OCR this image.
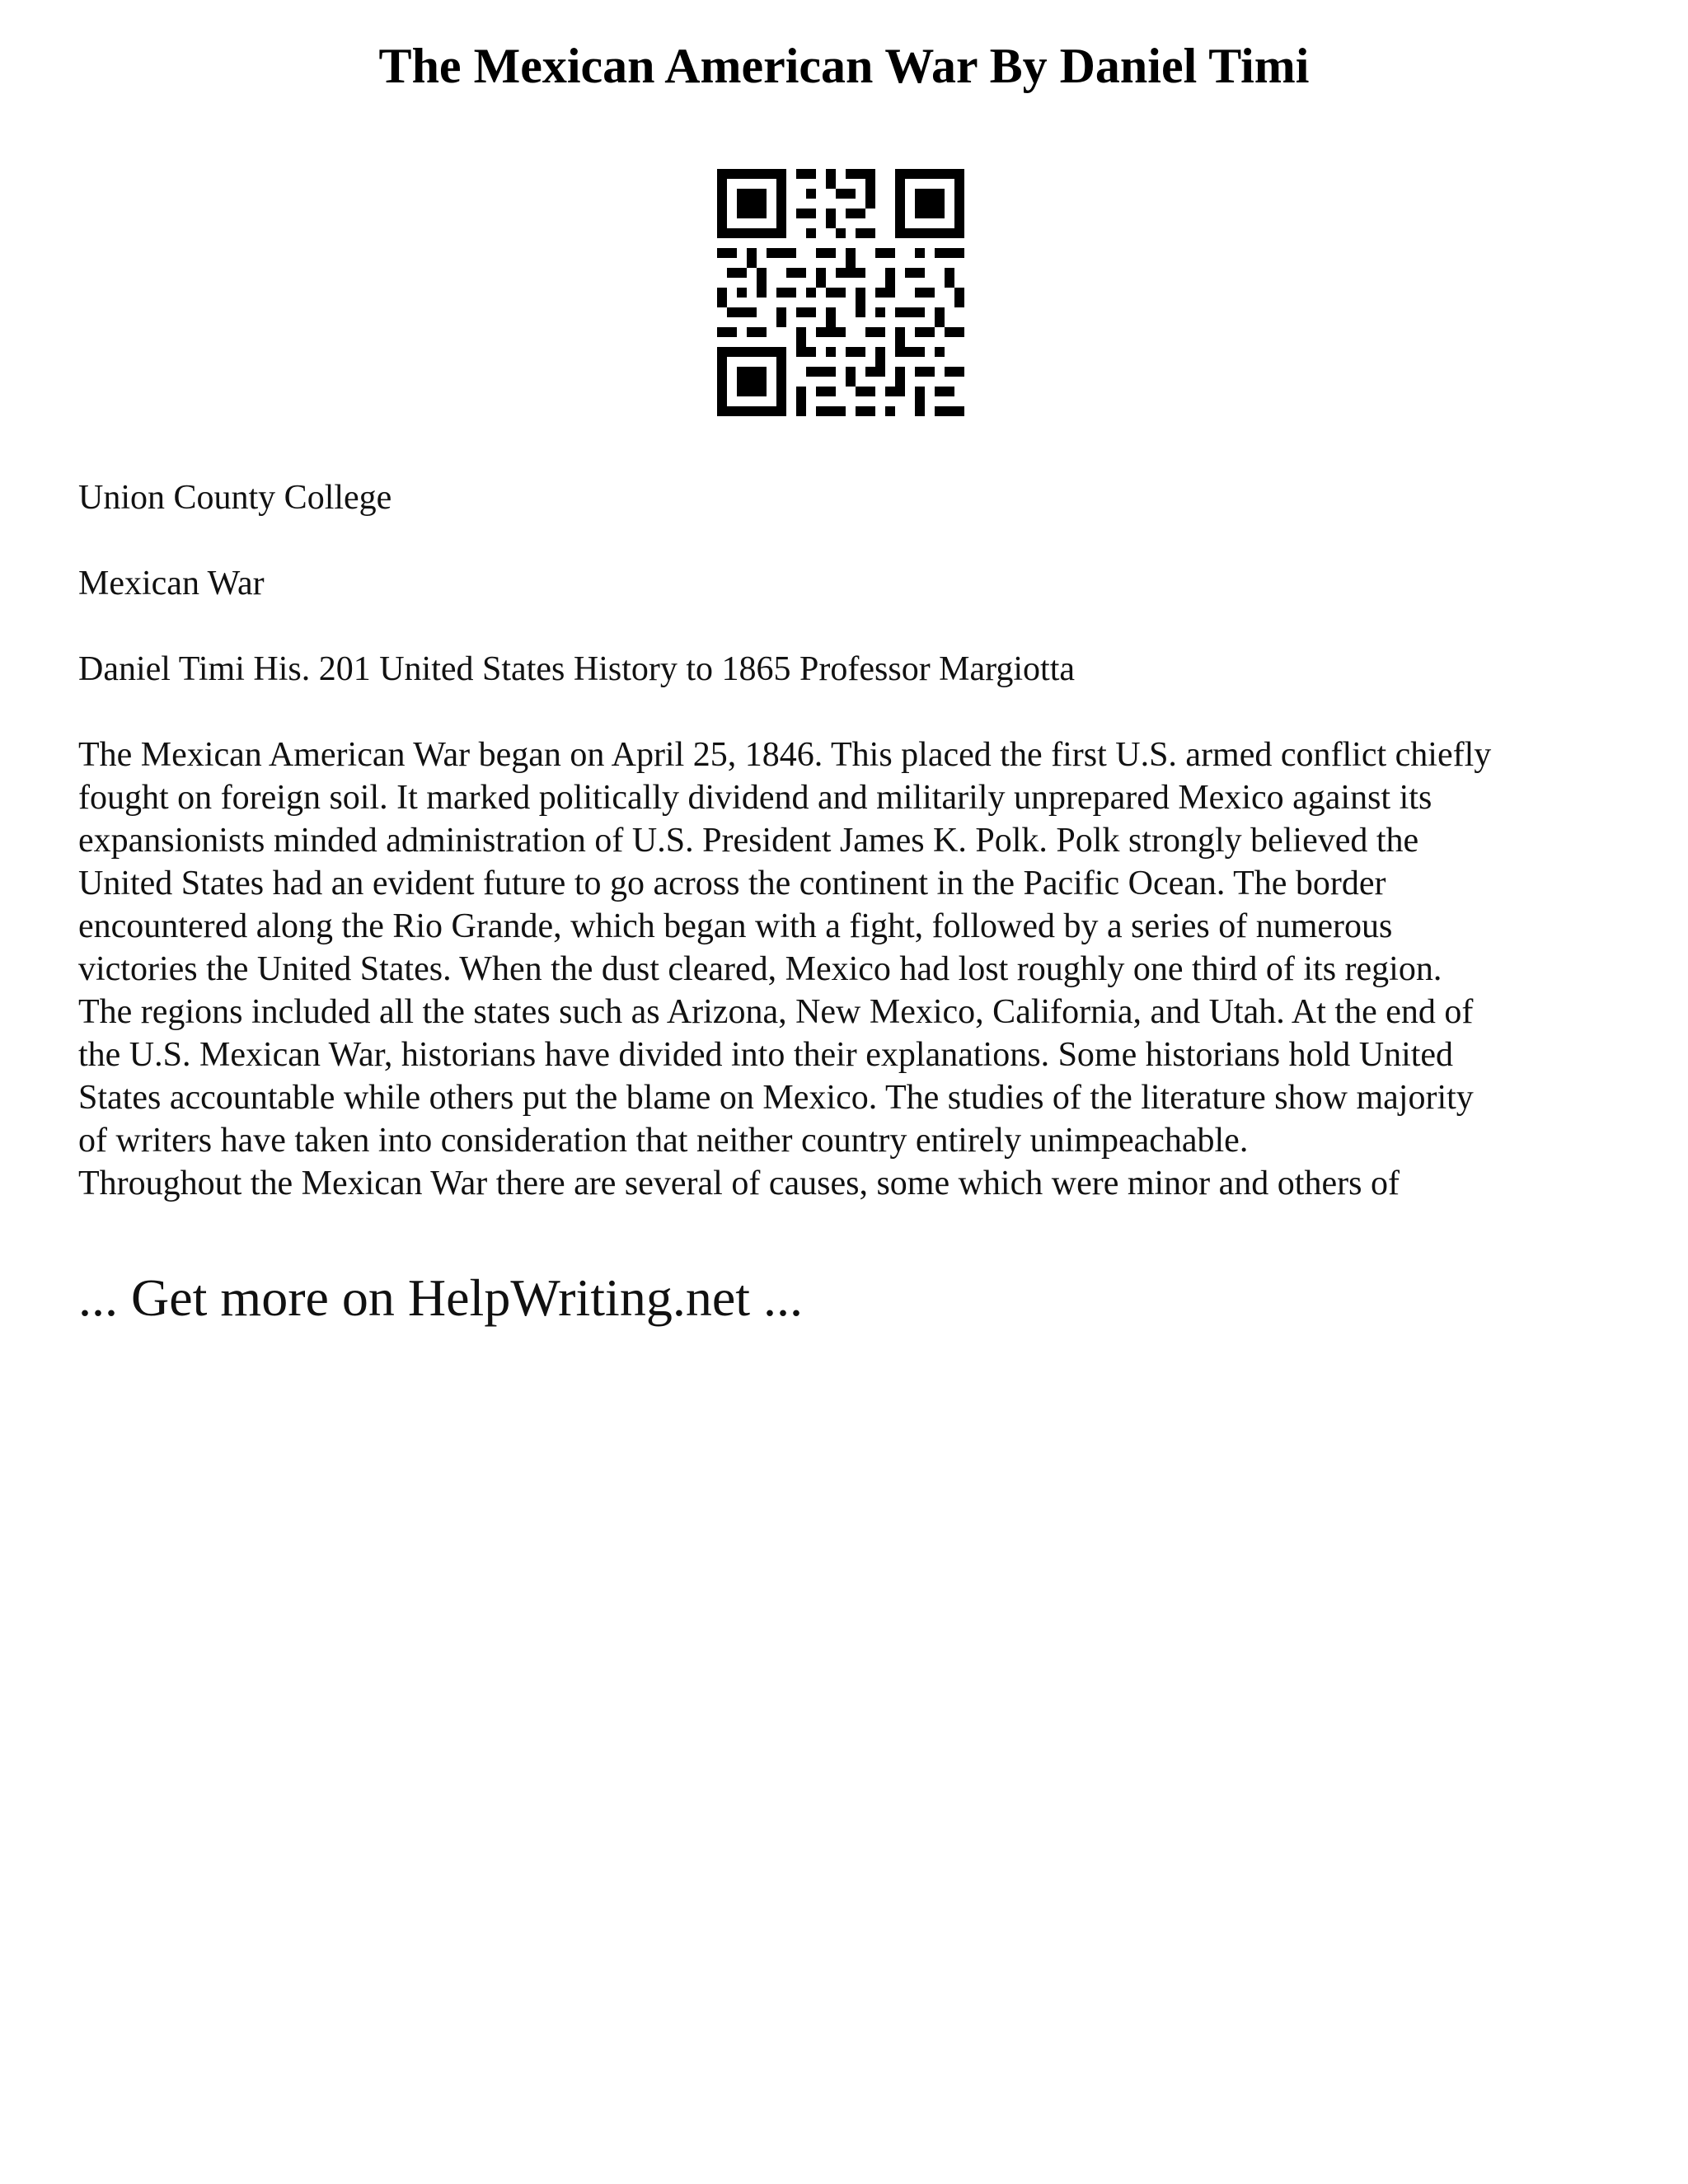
The Mexican American War By Daniel Timi
Union County College
Mexican War
Daniel Timi His. 201 United States History to 1865 Professor Margiotta
The Mexican American War began on April 25, 1846. This placed the first U.S. armed conflict chiefly
fought on foreign soil. It marked politically dividend and militarily unprepared Mexico against its
expansionists minded administration of U.S. President James K. Polk. Polk strongly believed the
United States had an evident future to go across the continent in the Pacific Ocean. The border
encountered along the Rio Grande, which began with a fight, followed by a series of numerous
victories the United States. When the dust cleared, Mexico had lost roughly one third of its region.
The regions included all the states such as Arizona, New Mexico, California, and Utah. At the end of
the U.S. Mexican War, historians have divided into their explanations. Some historians hold United
States accountable while others put the blame on Mexico. The studies of the literature show majority
of writers have taken into consideration that neither country entirely unimpeachable.
Throughout the Mexican War there are several of causes, some which were minor and others of
... Get more on HelpWriting.net ...
